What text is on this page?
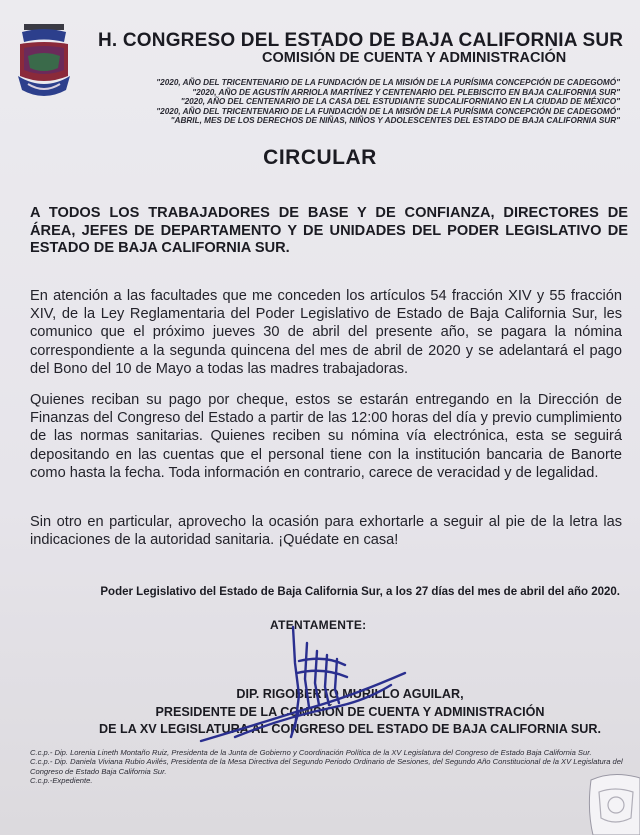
H. CONGRESO DEL ESTADO DE BAJA CALIFORNIA SUR
COMISIÓN DE CUENTA Y ADMINISTRACIÓN
"2020, AÑO DEL TRICENTENARIO DE LA FUNDACIÓN DE LA MISIÓN DE LA PURÍSIMA CONCEPCIÓN DE CADEGOMÓ"
"2020, AÑO DE AGUSTÍN ARRIOLA MARTÍNEZ Y CENTENARIO DEL PLEBISCITO EN BAJA CALIFORNIA SUR"
"2020, AÑO DEL CENTENARIO DE LA CASA DEL ESTUDIANTE SUDCALIFORNIANO EN LA CIUDAD DE MÉXICO"
"2020, AÑO DEL TRICENTENARIO DE LA FUNDACIÓN DE LA MISIÓN DE LA PURÍSIMA CONCEPCIÓN DE CADEGOMÓ"
"ABRIL, MES DE LOS DERECHOS DE NIÑAS, NIÑOS Y ADOLESCENTES DEL ESTADO DE BAJA CALIFORNIA SUR"
CIRCULAR
A TODOS LOS TRABAJADORES DE BASE Y DE CONFIANZA, DIRECTORES DE ÁREA, JEFES DE DEPARTAMENTO Y DE UNIDADES DEL PODER LEGISLATIVO DE ESTADO DE BAJA CALIFORNIA SUR.
En atención a las facultades que me conceden los artículos 54 fracción XIV y 55 fracción XIV, de la Ley Reglamentaria del Poder Legislativo de Estado de Baja California Sur, les comunico que el próximo jueves 30 de abril del presente año, se pagara la nómina correspondiente a la segunda quincena del mes de abril de 2020 y se adelantará el pago del Bono del 10 de Mayo a todas las madres trabajadoras.
Quienes reciban su pago por cheque, estos se estarán entregando en la Dirección de Finanzas del Congreso del Estado a partir de las 12:00 horas del día y previo cumplimiento de las normas sanitarias. Quienes reciben su nómina vía electrónica, esta se seguirá depositando en las cuentas que el personal tiene con la institución bancaria de Banorte como hasta la fecha. Toda información en contrario, carece de veracidad y de legalidad.
Sin otro en particular, aprovecho la ocasión para exhortarle a seguir al pie de la letra las indicaciones de la autoridad sanitaria. ¡Quédate en casa!
Poder Legislativo del Estado de Baja California Sur, a los 27 días del mes de abril del año 2020.
ATENTAMENTE:
DIP. RIGOBERTO MURILLO AGUILAR,
PRESIDENTE DE LA COMISIÓN DE CUENTA Y ADMINISTRACIÓN
DE LA XV LEGISLATURA AL CONGRESO DEL ESTADO DE BAJA CALIFORNIA SUR.
C.c.p.- Dip. Lorenia Lineth Montaño Ruiz, Presidenta de la Junta de Gobierno y Coordinación Política de la XV Legislatura del Congreso de Estado Baja California Sur.
C.c.p.- Dip. Daniela Viviana Rubio Avilés, Presidenta de la Mesa Directiva del Segundo Periodo Ordinario de Sesiones, del Segundo Año Constitucional de la XV Legislatura del Congreso de Estado Baja California Sur.
C.c.p.-Expediente.
